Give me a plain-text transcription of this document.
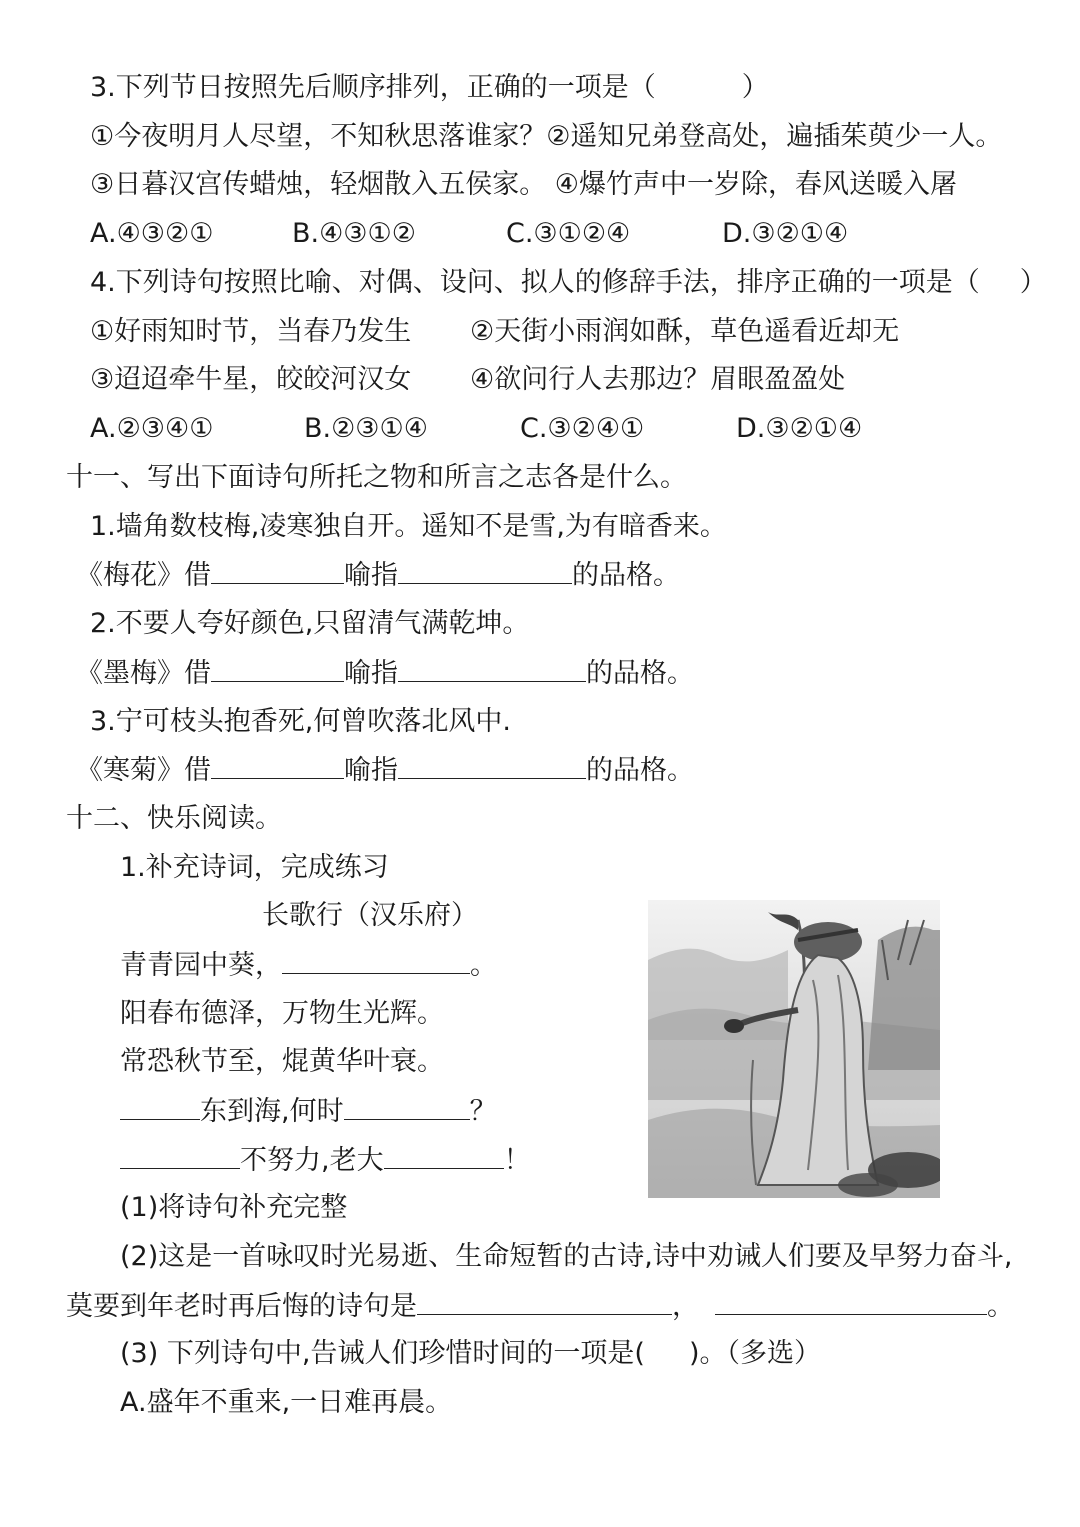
3.下列节日按照先后顺序排列，正确的一项是（	）
①今夜明月人尽望，不知秋思落谁家？②遥知兄弟登高处，遍插茱萸少一人。
③日暮汉宫传蜡烛，轻烟散入五侯家。 ④爆竹声中一岁除，春风送暖入屠
A.④③②①	B.④③①②	C.③①②④	D.③②①④
4.下列诗句按照比喻、对偶、设问、拟人的修辞手法，排序正确的一项是（ ）
①好雨知时节，当春乃发生 ②天街小雨润如酥，草色遥看近却无
③迢迢牵牛星，皎皎河汉女 ④欲问行人去那边？眉眼盈盈处
A.②③④①	B.②③①④	C.③②④①	D.③②①④
十一、写出下面诗句所托之物和所言之志各是什么。
1.墙角数枝梅,凌寒独自开。遥知不是雪,为有暗香来。
《梅花》借	喻指	的品格。
2.不要人夸好颜色,只留清气满乾坤。
《墨梅》借	喻指	的品格。
3.宁可枝头抱香死,何曾吹落北风中.
《寒菊》借	喻指	的品格。
十二、快乐阅读。
1.补充诗词，完成练习
长歌行（汉乐府）
青青园中葵，	。
阳春布德泽，万物生光辉。
常恐秋节至，焜黄华叶衰。
东到海,何时	？
不努力,老大	！
(1)将诗句补充完整
(2)这是一首咏叹时光易逝、生命短暂的古诗,诗中劝诫人们要及早努力奋斗,
莫要到年老时再后悔的诗句是	，	。
(3) 下列诗句中,告诫人们珍惜时间的一项是( )。（多选）
A.盛年不重来,一日难再晨。
